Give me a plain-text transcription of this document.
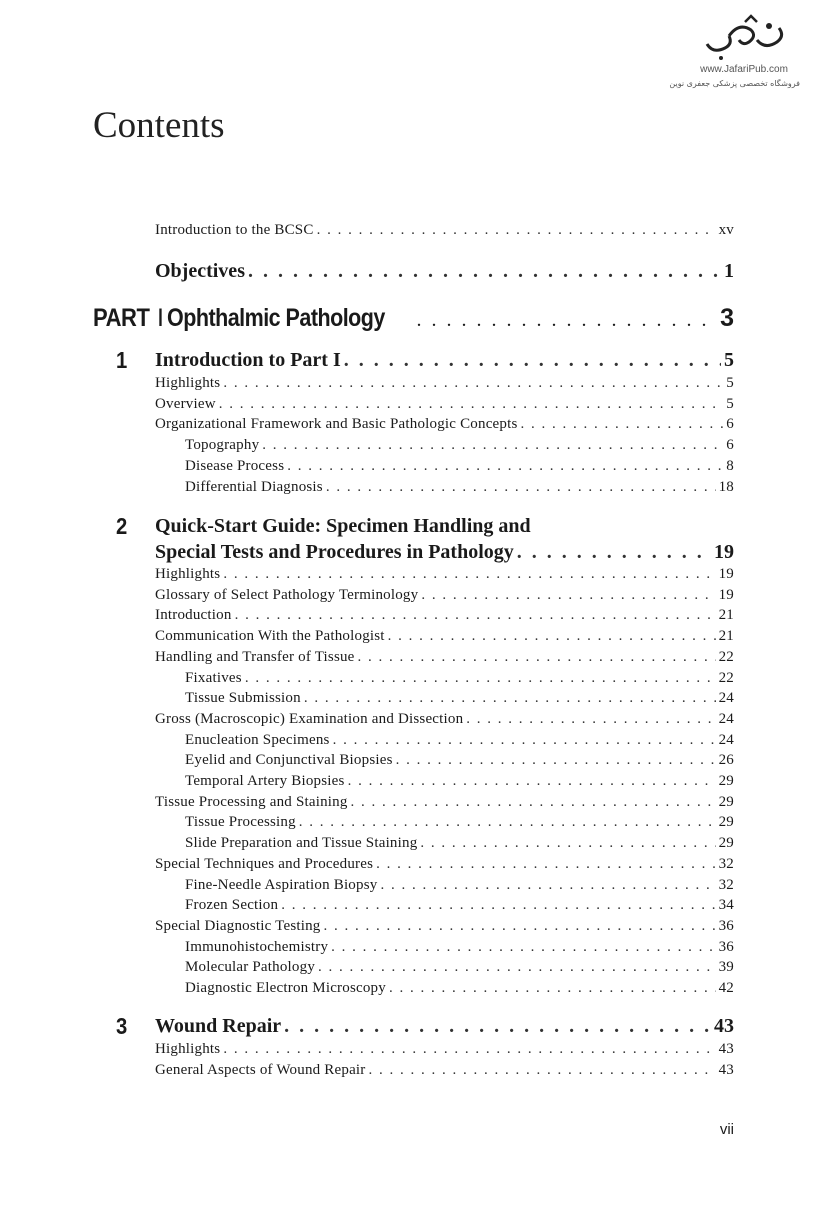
www.JafariPub.com
فروشگاه تخصصی پزشکی جعفری نوین
Contents
Introduction to the BCSC . . .	xv
Objectives . . .	1
PART I Ophthalmic Pathology . . .	3
1 Introduction to Part I . . .	5
Highlights . . .	5
Overview . . .	5
Organizational Framework and Basic Pathologic Concepts . . .	6
Topography . . .	6
Disease Process . . .	8
Differential Diagnosis . . .	18
2 Quick-Start Guide: Specimen Handling and
Special Tests and Procedures in Pathology . . .	19
Highlights . . .	19
Glossary of Select Pathology Terminology . . .	19
Introduction . . .	21
Communication With the Pathologist . . .	21
Handling and Transfer of Tissue . . .	22
Fixatives . . .	22
Tissue Submission . . .	24
Gross (Macroscopic) Examination and Dissection . . .	24
Enucleation Specimens . . .	24
Eyelid and Conjunctival Biopsies . . .	26
Temporal Artery Biopsies . . .	29
Tissue Processing and Staining . . .	29
Tissue Processing . . .	29
Slide Preparation and Tissue Staining . . .	29
Special Techniques and Procedures . . .	32
Fine-Needle Aspiration Biopsy . . .	32
Frozen Section . . .	34
Special Diagnostic Testing . . .	36
Immunohistochemistry . . .	36
Molecular Pathology . . .	39
Diagnostic Electron Microscopy . . .	42
3 Wound Repair . . .	43
Highlights . . .	43
General Aspects of Wound Repair . . .	43
vii
